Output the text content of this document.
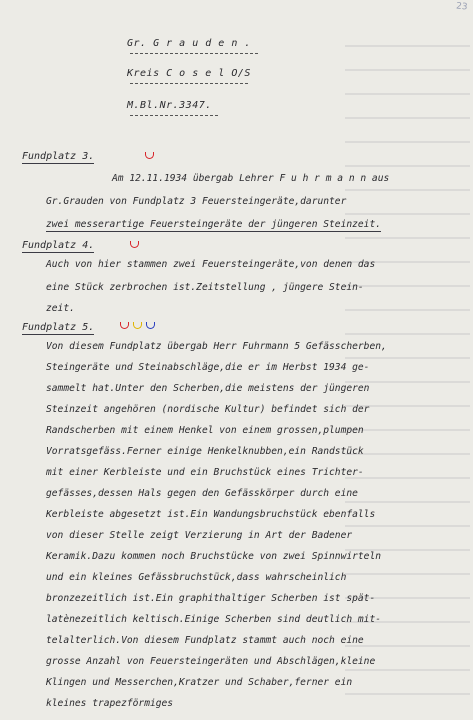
23
Gr. G r a u d e n .
Kreis C o s e l O/S
M.Bl.Nr.3347.
Fundplatz 3.
Am 12.11.1934 übergab Lehrer F u h r m a n n aus
Gr.Grauden von Fundplatz 3 Feuersteingeräte,darunter
zwei messerartige Feuersteingeräte der jüngeren Steinzeit.
Fundplatz 4.
Auch von hier stammen zwei Feuersteingeräte,von denen das
eine Stück zerbrochen ist.Zeitstellung , jüngere Stein-
zeit.
Fundplatz 5.
Von diesem Fundplatz übergab Herr Fuhrmann 5 Gefässcherben,
Steingeräte und Steinabschläge,die er im Herbst 1934 ge-
sammelt hat.Unter den Scherben,die meistens der jüngeren
Steinzeit angehören (nordische Kultur) befindet sich der
Randscherben mit einem Henkel von einem grossen,plumpen
Vorratsgefäss.Ferner einige Henkelknubben,ein Randstück
mit einer Kerbleiste und ein Bruchstück eines Trichter-
gefässes,dessen Hals gegen den Gefässkörper durch eine
Kerbleiste abgesetzt ist.Ein Wandungsbruchstück ebenfalls
von dieser Stelle zeigt Verzierung in Art der Badener
Keramik.Dazu kommen noch Bruchstücke von zwei Spinnwirteln
und ein kleines Gefässbruchstück,dass wahrscheinlich
bronzezeitlich ist.Ein graphithaltiger Scherben ist spät-
latènezeitlich keltisch.Einige Scherben sind deutlich mit-
telalterlich.Von diesem Fundplatz stammt auch noch eine
grosse Anzahl von Feuersteingeräten und Abschlägen,kleine
Klingen und Messerchen,Kratzer und Schaber,ferner ein
kleines trapezförmiges
